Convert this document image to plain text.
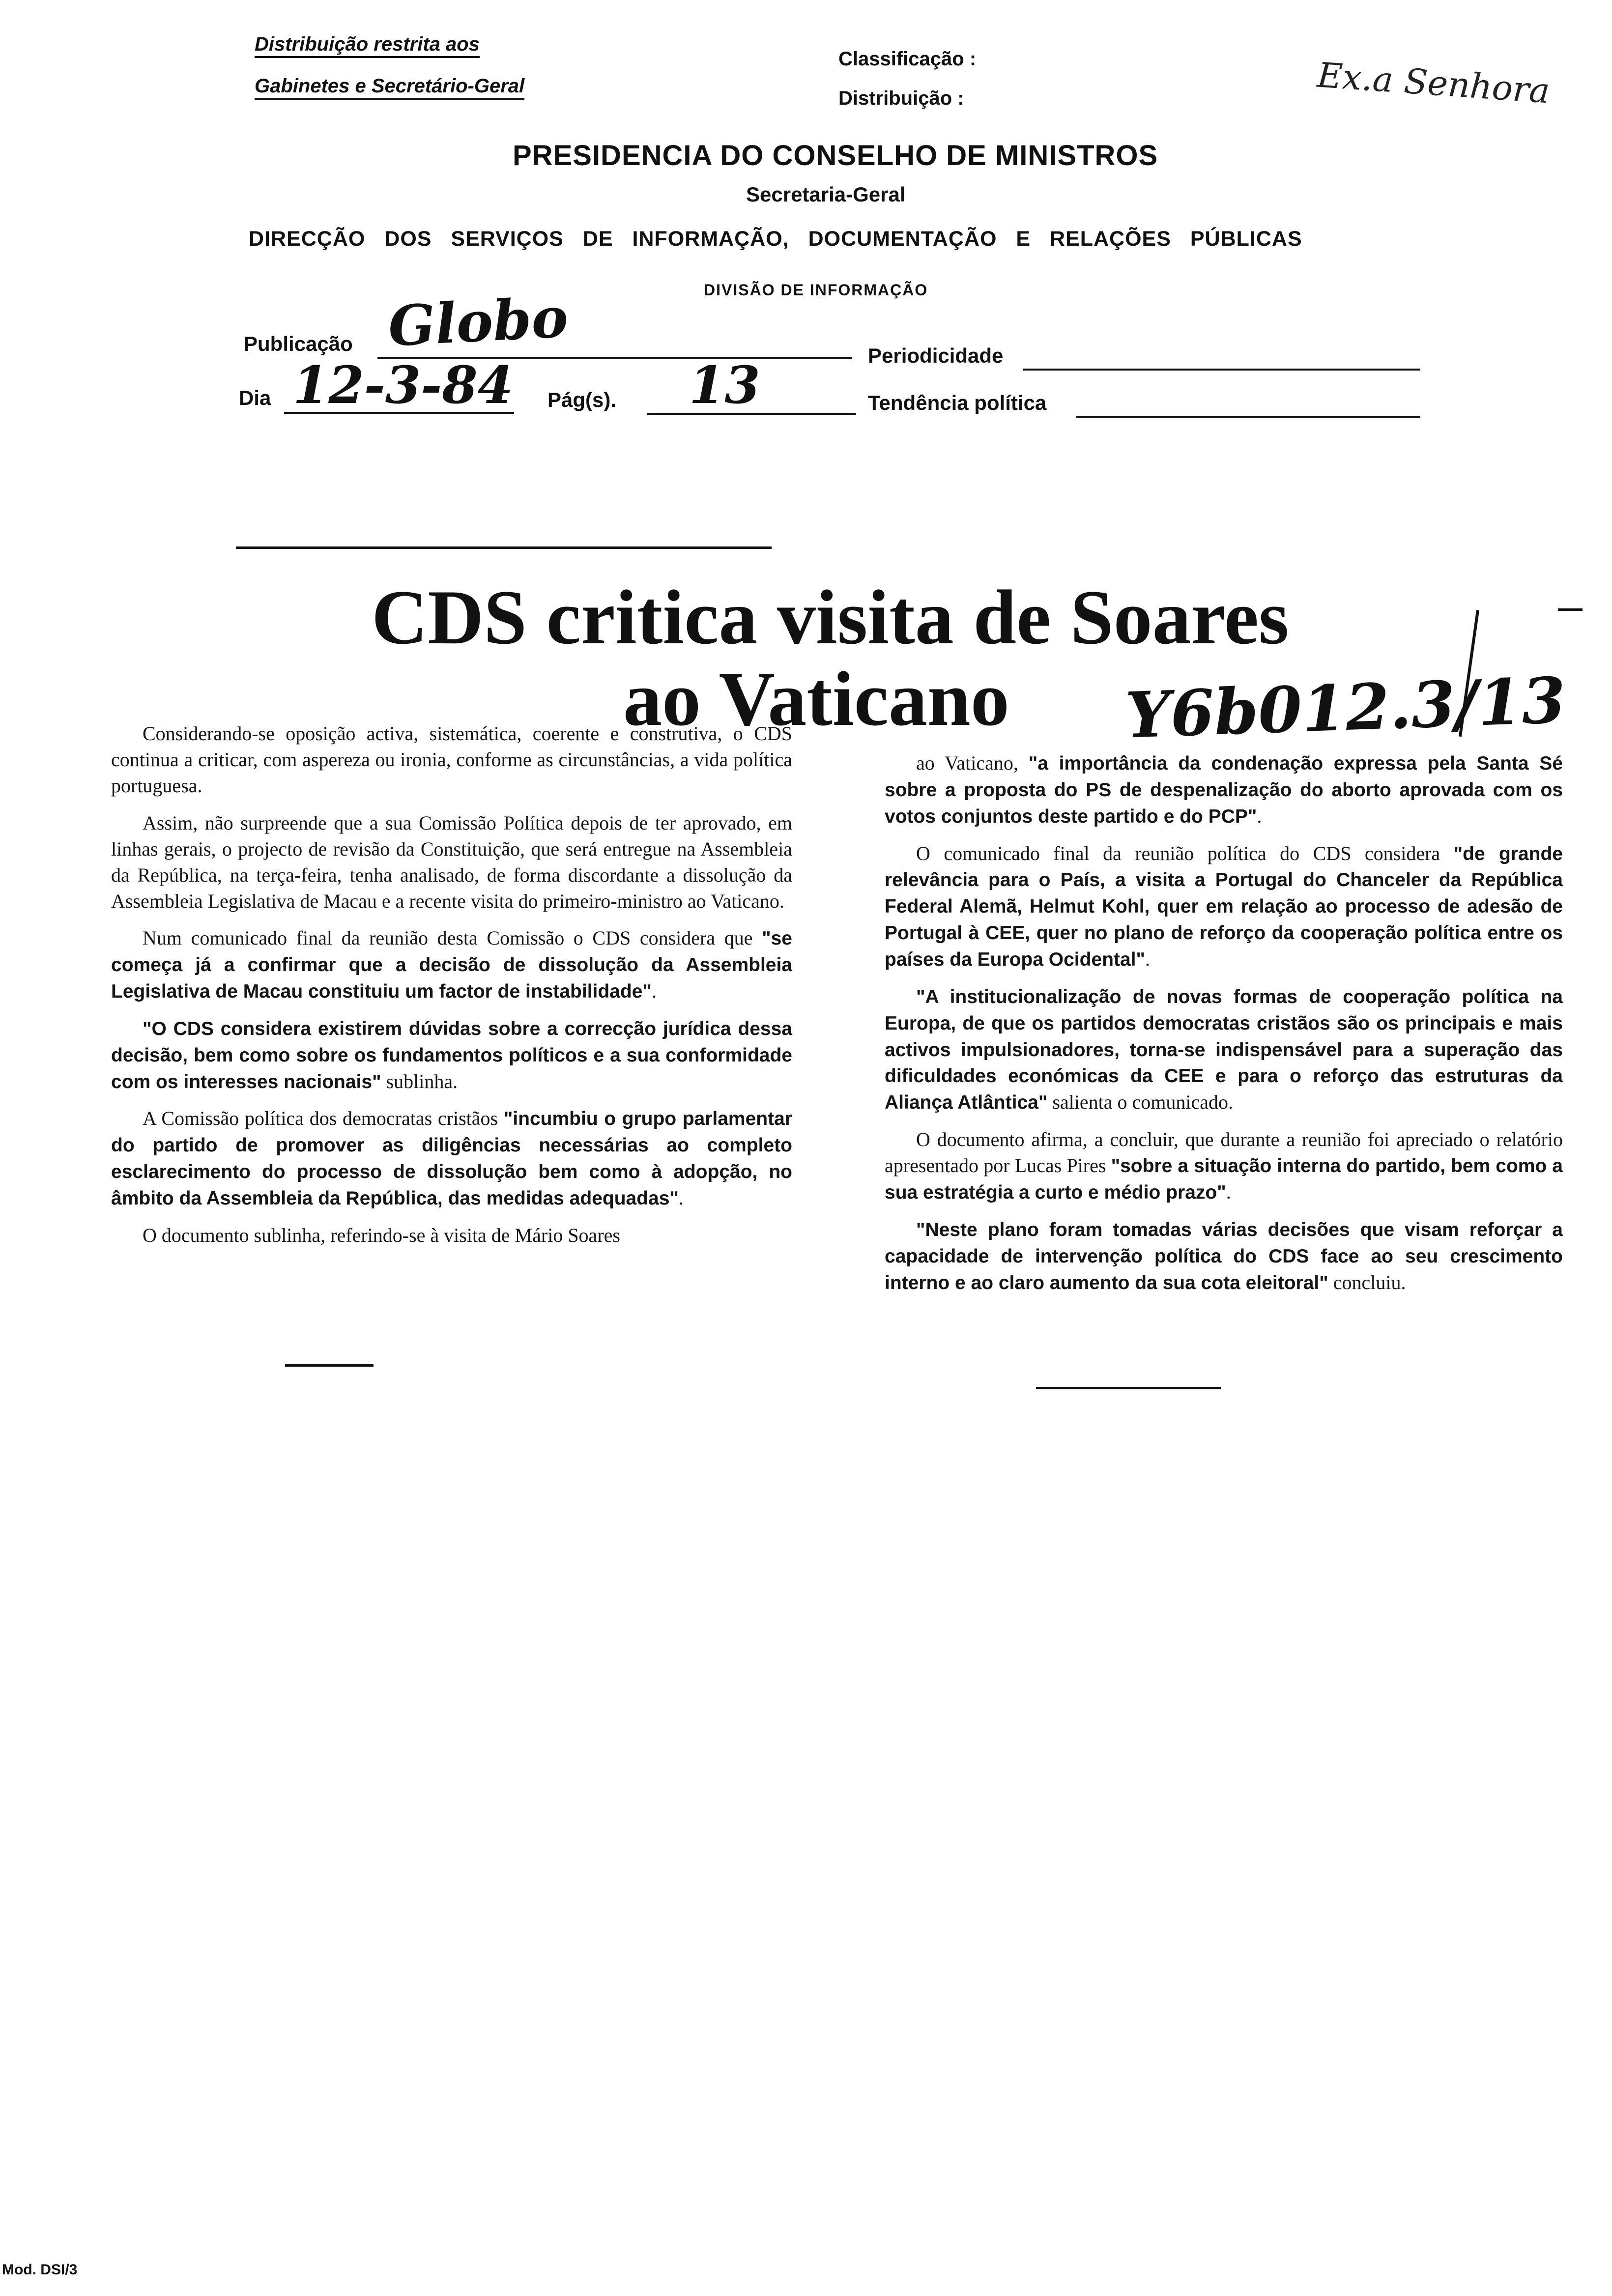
Distribuição restrita aos
Gabinetes e Secretário-Geral
Classificação :
Distribuição :	Ex.a Senhora
PRESIDENCIA DO CONSELHO DE MINISTROS
Secretaria-Geral
DIRECÇÃO DOS SERVIÇOS DE INFORMAÇÃO, DOCUMENTAÇÃO E RELAÇÕES PÚBLICAS
DIVISÃO DE INFORMAÇÃO
Publicação Globo	Periodicidade
Dia 12-3-84 Pág(s). 13	Tendência política
CDS critica visita de Soares
ao Vaticano Y6b012.3/13

Considerando-se oposição activa, sistemática, coerente e construtiva, o CDS continua a criticar, com aspereza ou ironia, conforme as circunstâncias, a vida política portuguesa.

Assim, não surpreende que a sua Comissão Política depois de ter aprovado, em linhas gerais, o projecto de revisão da Constituição, que será entregue na Assembleia da República, na terça-feira, tenha analisado, de forma discordante a dissolução da Assembleia Legislativa de Macau e a recente visita do primeiro-ministro ao Vaticano.

Num comunicado final da reunião desta Comissão o CDS considera que "se começa já a confirmar que a decisão de dissolução da Assembleia Legislativa de Macau constituiu um factor de instabilidade".

"O CDS considera existirem dúvidas sobre a correcção jurídica dessa decisão, bem como sobre os fundamentos políticos e a sua conformidade com os interesses nacionais" sublinha.

A Comissão política dos democratas cristãos "incumbiu o grupo parlamentar do partido de promover as diligências necessárias ao completo esclarecimento do processo de dissolução bem como à adopção, no âmbito da Assembleia da República, das medidas adequadas".

O documento sublinha, referindo-se à visita de Mário Soares

ao Vaticano, "a importância da condenação expressa pela Santa Sé sobre a proposta do PS de despenalização do aborto aprovada com os votos conjuntos deste partido e do PCP".

O comunicado final da reunião política do CDS considera "de grande relevância para o País, a visita a Portugal do Chanceler da República Federal Alemã, Helmut Kohl, quer em relação ao processo de adesão de Portugal à CEE, quer no plano de reforço da cooperação política entre os países da Europa Ocidental".

"A institucionalização de novas formas de cooperação política na Europa, de que os partidos democratas cristãos são os principais e mais activos impulsionadores, torna-se indispensável para a superação das dificuldades económicas da CEE e para o reforço das estruturas da Aliança Atlântica" salienta o comunicado.

O documento afirma, a concluir, que durante a reunião foi apreciado o relatório apresentado por Lucas Pires "sobre a situação interna do partido, bem como a sua estratégia a curto e médio prazo".

"Neste plano foram tomadas várias decisões que visam reforçar a capacidade de intervenção política do CDS face ao seu crescimento interno e ao claro aumento da sua cota eleitoral" concluiu.

Mod. DSI/3
